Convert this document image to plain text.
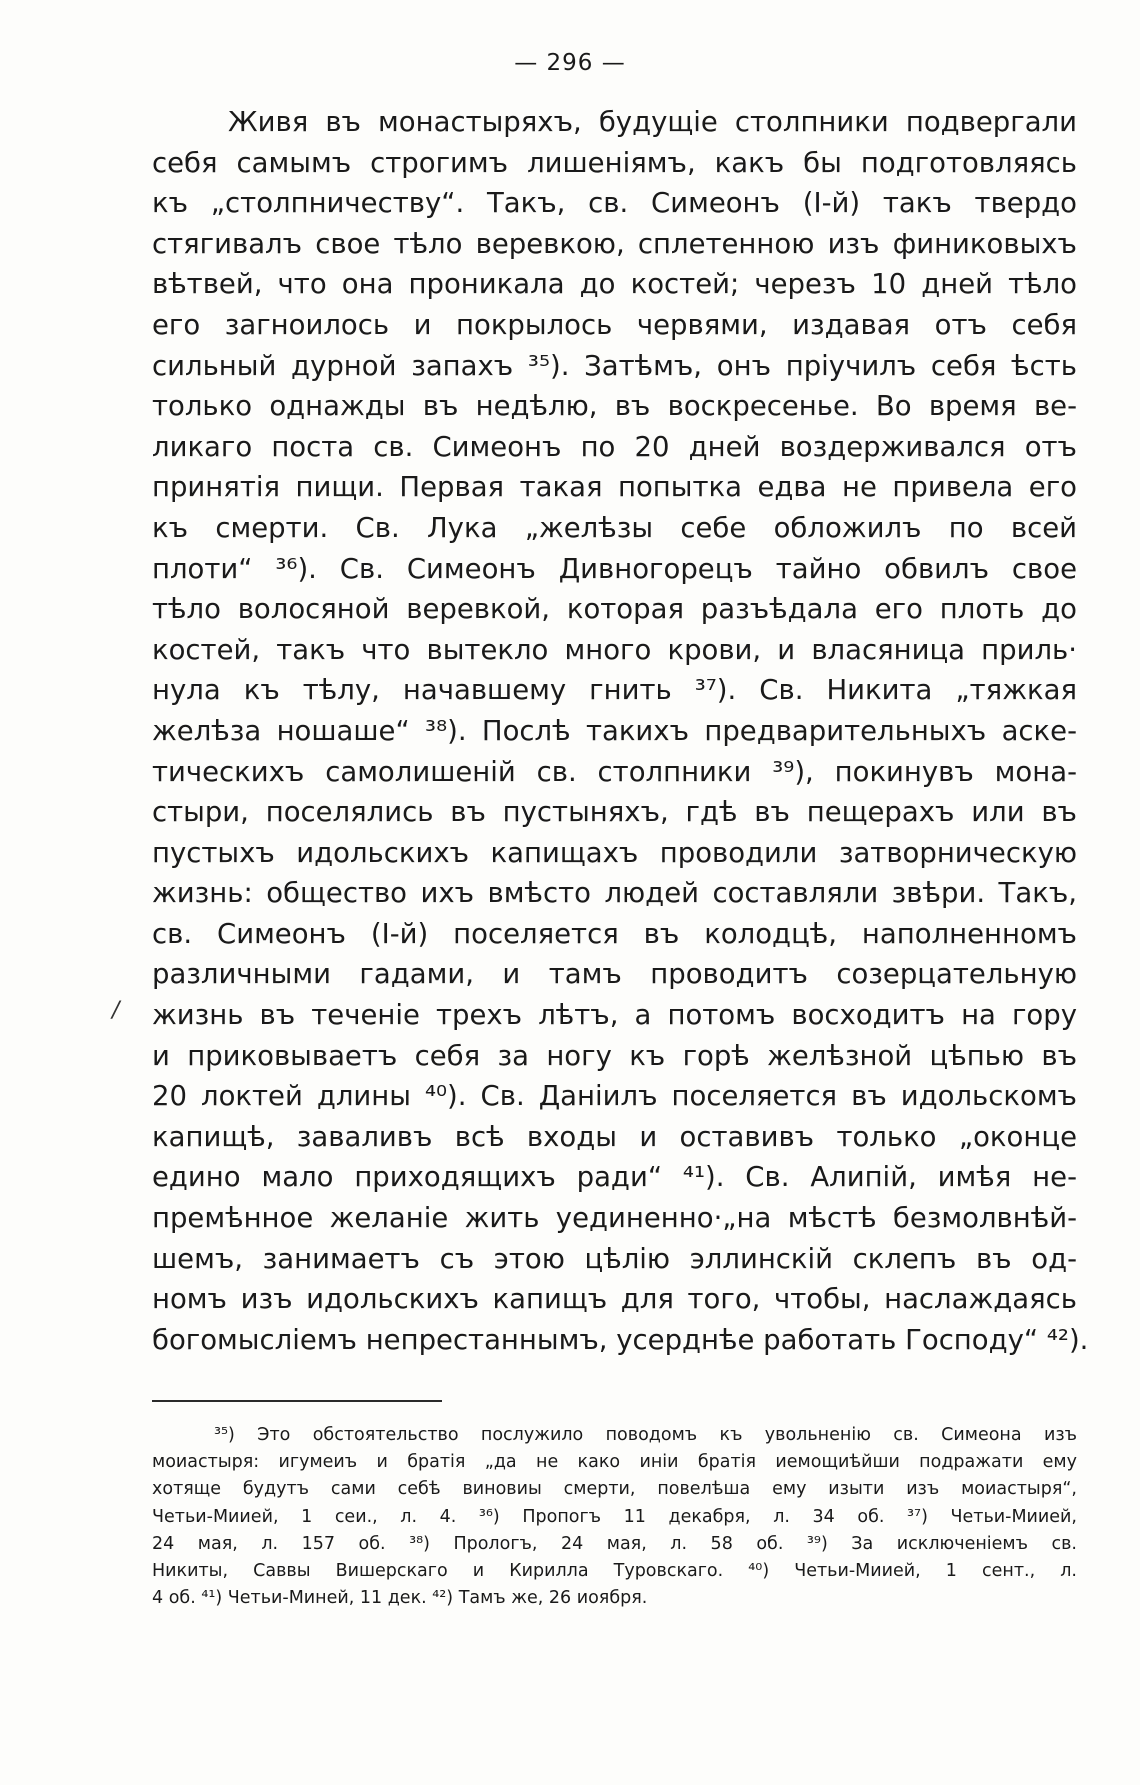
— 296 —
Живя въ монастыряхъ, будущіе столпники подвергали
себя самымъ строгимъ лишеніямъ, какъ бы подготовляясь
къ „столпничеству“. Такъ, св. Симеонъ (І-й) такъ твердо
стягивалъ свое тѣло веревкою, сплетенною изъ финиковыхъ
вѣтвей, что она проникала до костей; черезъ 10 дней тѣло
его загноилось и покрылось червями, издавая отъ себя
сильный дурной запахъ ³⁵). Затѣмъ, онъ пріучилъ себя ѣсть
только однажды въ недѣлю, въ воскресенье. Во время ве-
ликаго поста св. Симеонъ по 20 дней воздерживался отъ
принятія пищи. Первая такая попытка едва не привела его
къ смерти. Св. Лука „желѣзы себе обложилъ по всей
плоти“ ³⁶). Св. Симеонъ Дивногорецъ тайно обвилъ свое
тѣло волосяной веревкой, которая разъѣдала его плоть до
костей, такъ что вытекло много крови, и власяница приль·
нула къ тѣлу, начавшему гнить ³⁷). Св. Никита „тяжкая
желѣза ношаше“ ³⁸). Послѣ такихъ предварительныхъ аске-
тическихъ самолишеній св. столпники ³⁹), покинувъ мона-
стыри, поселялись въ пустыняхъ, гдѣ въ пещерахъ или въ
пустыхъ идольскихъ капищахъ проводили затворническую
жизнь: общество ихъ вмѣсто людей составляли звѣри. Такъ,
св. Симеонъ (І-й) поселяется въ колодцѣ, наполненномъ
различными гадами, и тамъ проводитъ созерцательную
жизнь въ теченіе трехъ лѣтъ, а потомъ восходитъ на гору
и приковываетъ себя за ногу къ горѣ желѣзной цѣпью въ
20 локтей длины ⁴⁰). Св. Даніилъ поселяется въ идольскомъ
капищѣ, заваливъ всѣ входы и оставивъ только „оконце
едино мало приходящихъ ради“ ⁴¹). Св. Алипій, имѣя не-
премѣнное желаніе жить уединенно·„на мѣстѣ безмолвнѣй-
шемъ, занимаетъ съ этою цѣлію эллинскій склепъ въ од-
номъ изъ идольскихъ капищъ для того, чтобы, наслаждаясь
богомысліемъ непрестаннымъ, усерднѣе работать Господу“ ⁴²).
/
³⁵) Это обстоятельство послужило поводомъ къ увольненію св. Симеона изъ
моиастыря: игумеиъ и братія „да не како иніи братія иемощиѣйши подражати ему
хотяще будутъ сами себѣ виновиы смерти, повелѣша ему изыти изъ моиастыря“,
Четьи-Миией, 1 сеи., л. 4. ³⁶) Пропогъ 11 декабря, л. 34 об. ³⁷) Четьи-Миией,
24 мая, л. 157 об. ³⁸) Прологъ, 24 мая, л. 58 об. ³⁹) За исключеніемъ св.
Никиты, Саввы Вишерскаго и Кирилла Туровскаго. ⁴⁰) Четьи-Миией, 1 сент., л.
4 об. ⁴¹) Четьи-Миней, 11 дек. ⁴²) Тамъ же, 26 иоября.
